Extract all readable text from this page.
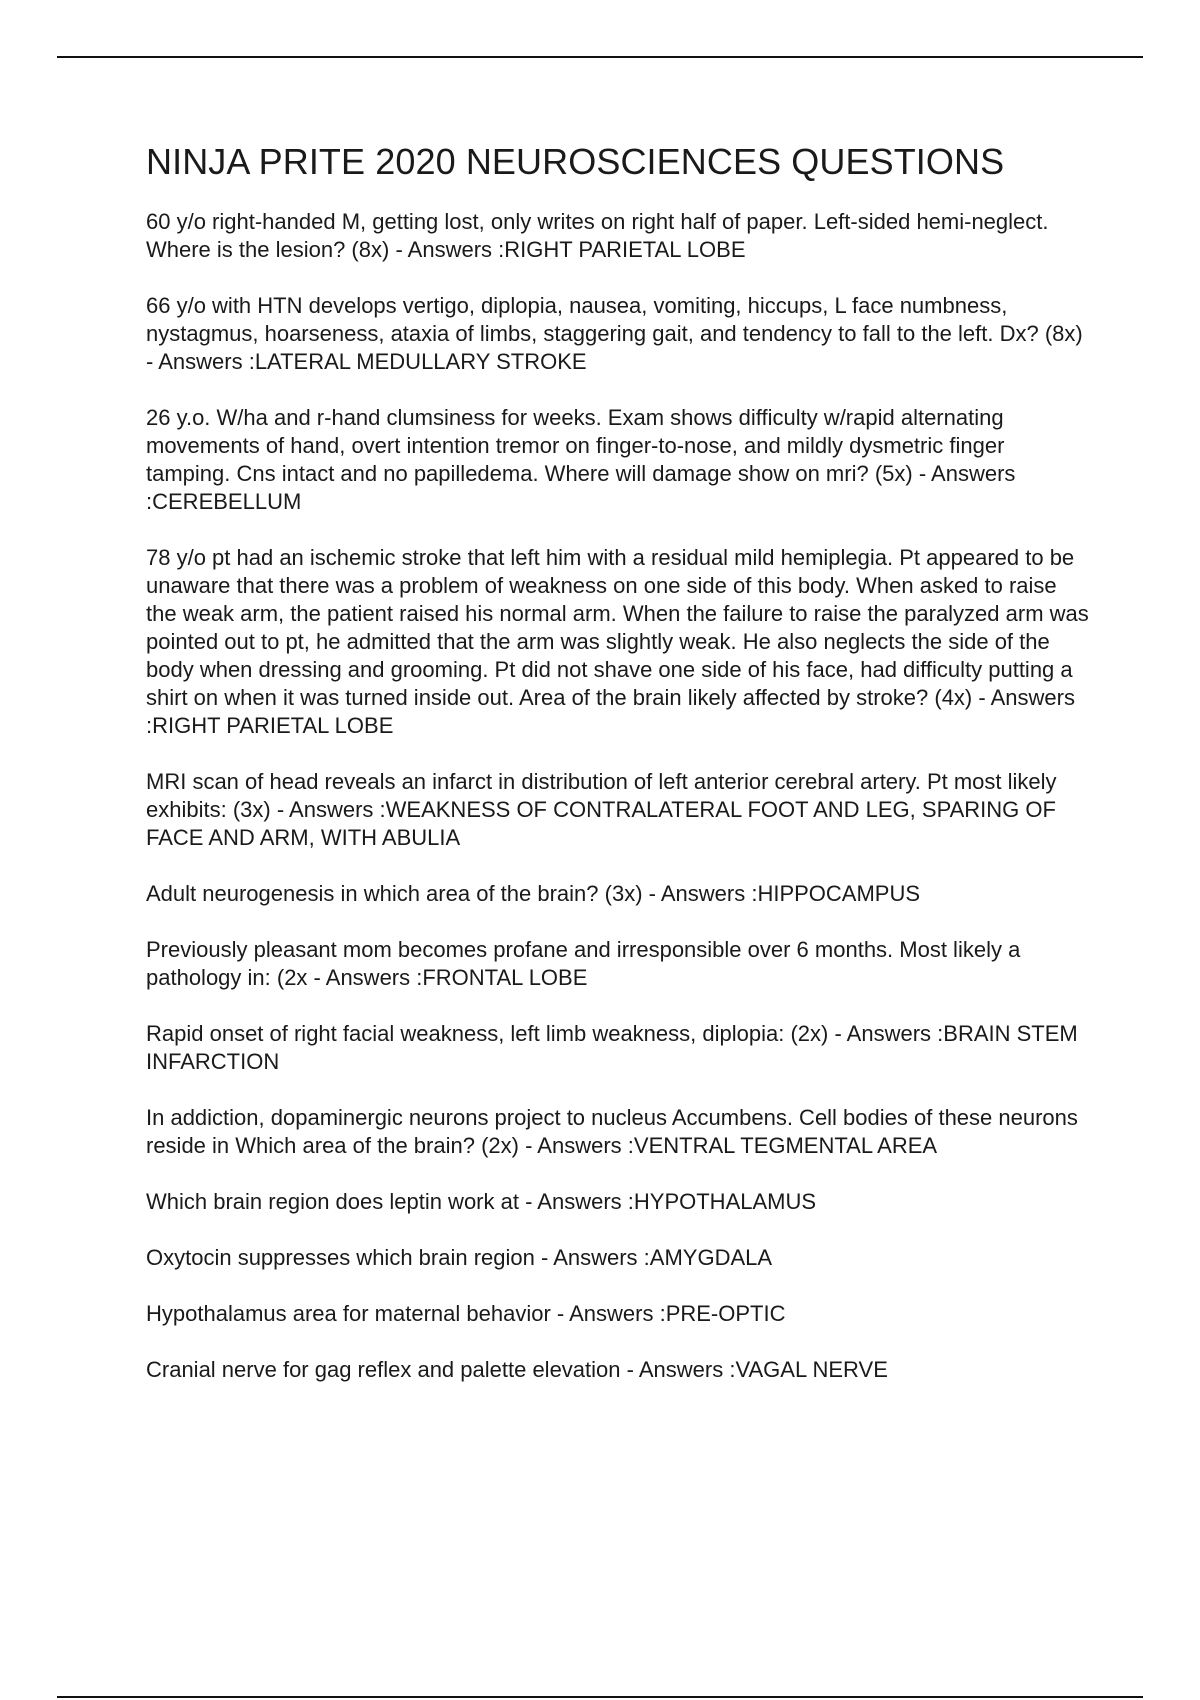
NINJA PRITE 2020 NEUROSCIENCES QUESTIONS

60 y/o right-handed M, getting lost, only writes on right half of paper. Left-sided hemi-neglect. Where is the lesion? (8x) - Answers :RIGHT PARIETAL LOBE

66 y/o with HTN develops vertigo, diplopia, nausea, vomiting, hiccups, L face numbness, nystagmus, hoarseness, ataxia of limbs, staggering gait, and tendency to fall to the left. Dx? (8x) - Answers :LATERAL MEDULLARY STROKE

26 y.o. W/ha and r-hand clumsiness for weeks. Exam shows difficulty w/rapid alternating movements of hand, overt intention tremor on finger-to-nose, and mildly dysmetric finger tamping. Cns intact and no papilledema. Where will damage show on mri? (5x) - Answers :CEREBELLUM

78 y/o pt had an ischemic stroke that left him with a residual mild hemiplegia. Pt appeared to be unaware that there was a problem of weakness on one side of this body. When asked to raise the weak arm, the patient raised his normal arm. When the failure to raise the paralyzed arm was pointed out to pt, he admitted that the arm was slightly weak. He also neglects the side of the body when dressing and grooming. Pt did not shave one side of his face, had difficulty putting a shirt on when it was turned inside out. Area of the brain likely affected by stroke? (4x) - Answers :RIGHT PARIETAL LOBE

MRI scan of head reveals an infarct in distribution of left anterior cerebral artery. Pt most likely exhibits: (3x) - Answers :WEAKNESS OF CONTRALATERAL FOOT AND LEG, SPARING OF FACE AND ARM, WITH ABULIA

Adult neurogenesis in which area of the brain? (3x) - Answers :HIPPOCAMPUS

Previously pleasant mom becomes profane and irresponsible over 6 months. Most likely a pathology in: (2x - Answers :FRONTAL LOBE

Rapid onset of right facial weakness, left limb weakness, diplopia: (2x) - Answers :BRAIN STEM INFARCTION

In addiction, dopaminergic neurons project to nucleus Accumbens. Cell bodies of these neurons reside in Which area of the brain? (2x) - Answers :VENTRAL TEGMENTAL AREA

Which brain region does leptin work at - Answers :HYPOTHALAMUS

Oxytocin suppresses which brain region - Answers :AMYGDALA

Hypothalamus area for maternal behavior - Answers :PRE-OPTIC

Cranial nerve for gag reflex and palette elevation - Answers :VAGAL NERVE
